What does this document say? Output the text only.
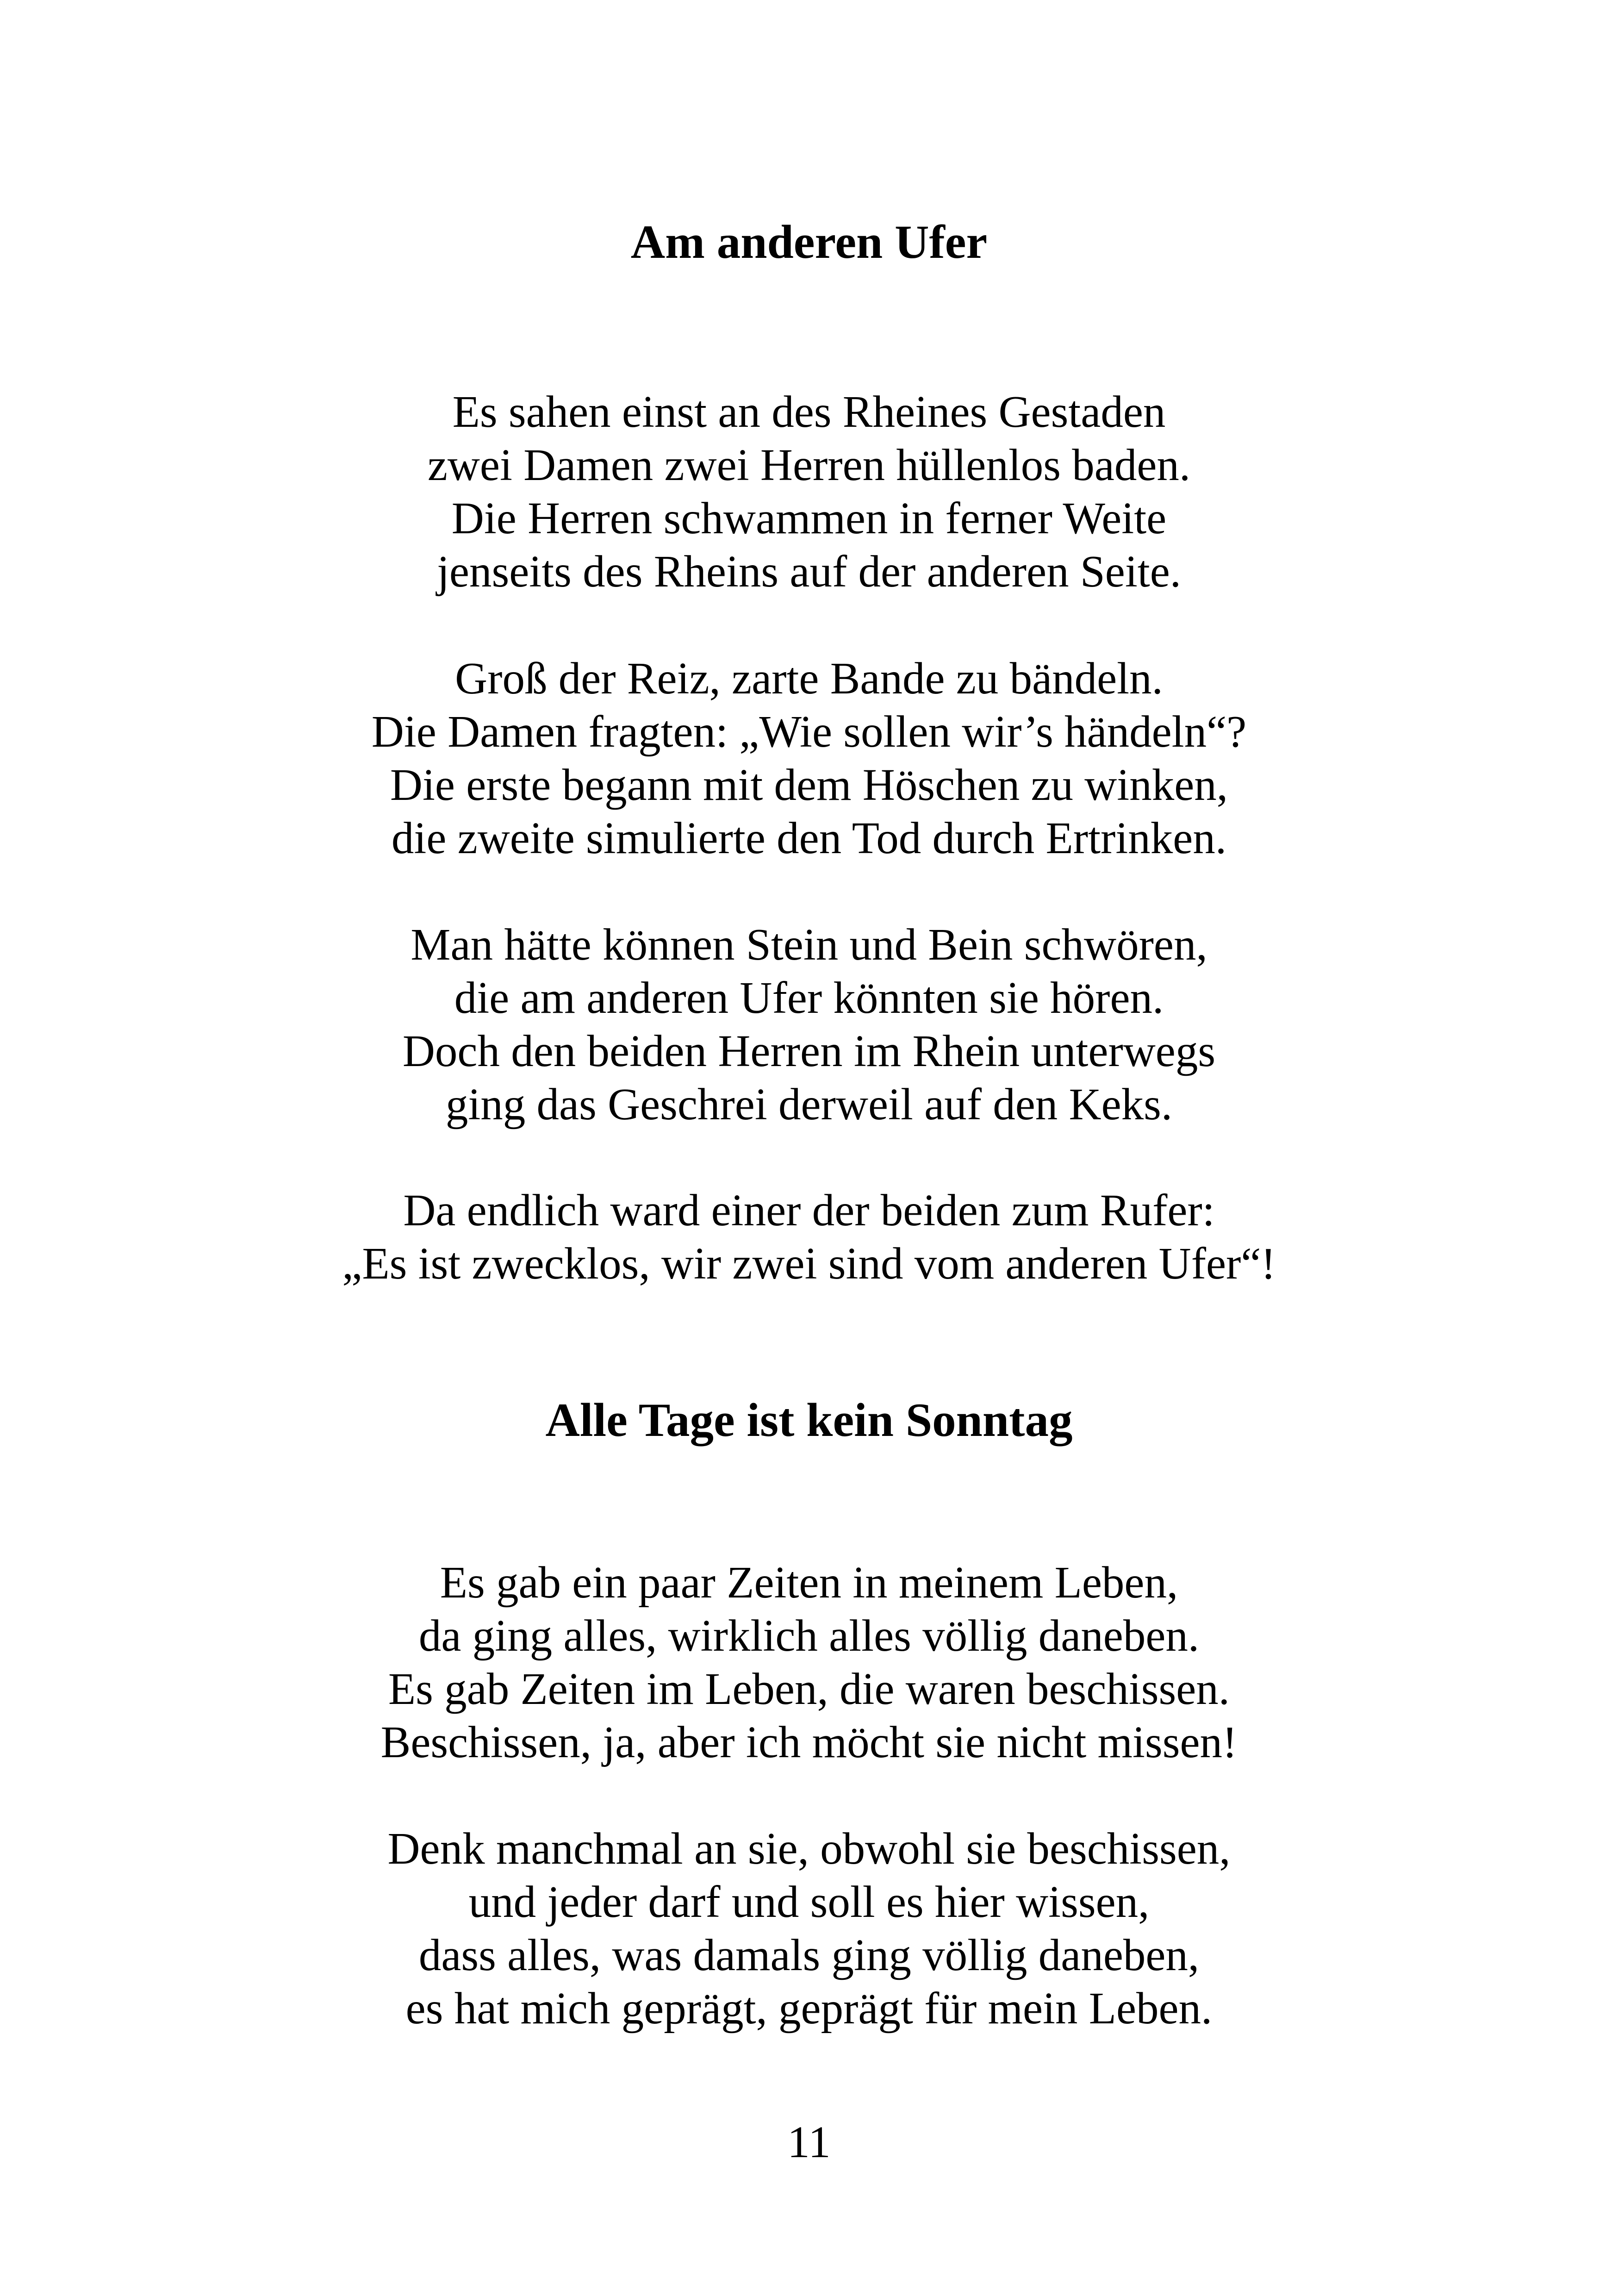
Am anderen Ufer
Es sahen einst an des Rheines Gestaden
zwei Damen zwei Herren hüllenlos baden.
Die Herren schwammen in ferner Weite
jenseits des Rheins auf der anderen Seite.
Groß der Reiz, zarte Bande zu bändeln.
Die Damen fragten: „Wie sollen wir’s händeln“?
Die erste begann mit dem Höschen zu winken,
die zweite simulierte den Tod durch Ertrinken.
Man hätte können Stein und Bein schwören,
die am anderen Ufer könnten sie hören.
Doch den beiden Herren im Rhein unterwegs
ging das Geschrei derweil auf den Keks.
Da endlich ward einer der beiden zum Rufer:
„Es ist zwecklos, wir zwei sind vom anderen Ufer“!
Alle Tage ist kein Sonntag
Es gab ein paar Zeiten in meinem Leben,
da ging alles, wirklich alles völlig daneben.
Es gab Zeiten im Leben, die waren beschissen.
Beschissen, ja, aber ich möcht sie nicht missen!
Denk manchmal an sie, obwohl sie beschissen,
und jeder darf und soll es hier wissen,
dass alles, was damals ging völlig daneben,
es hat mich geprägt, geprägt für mein Leben.
11
